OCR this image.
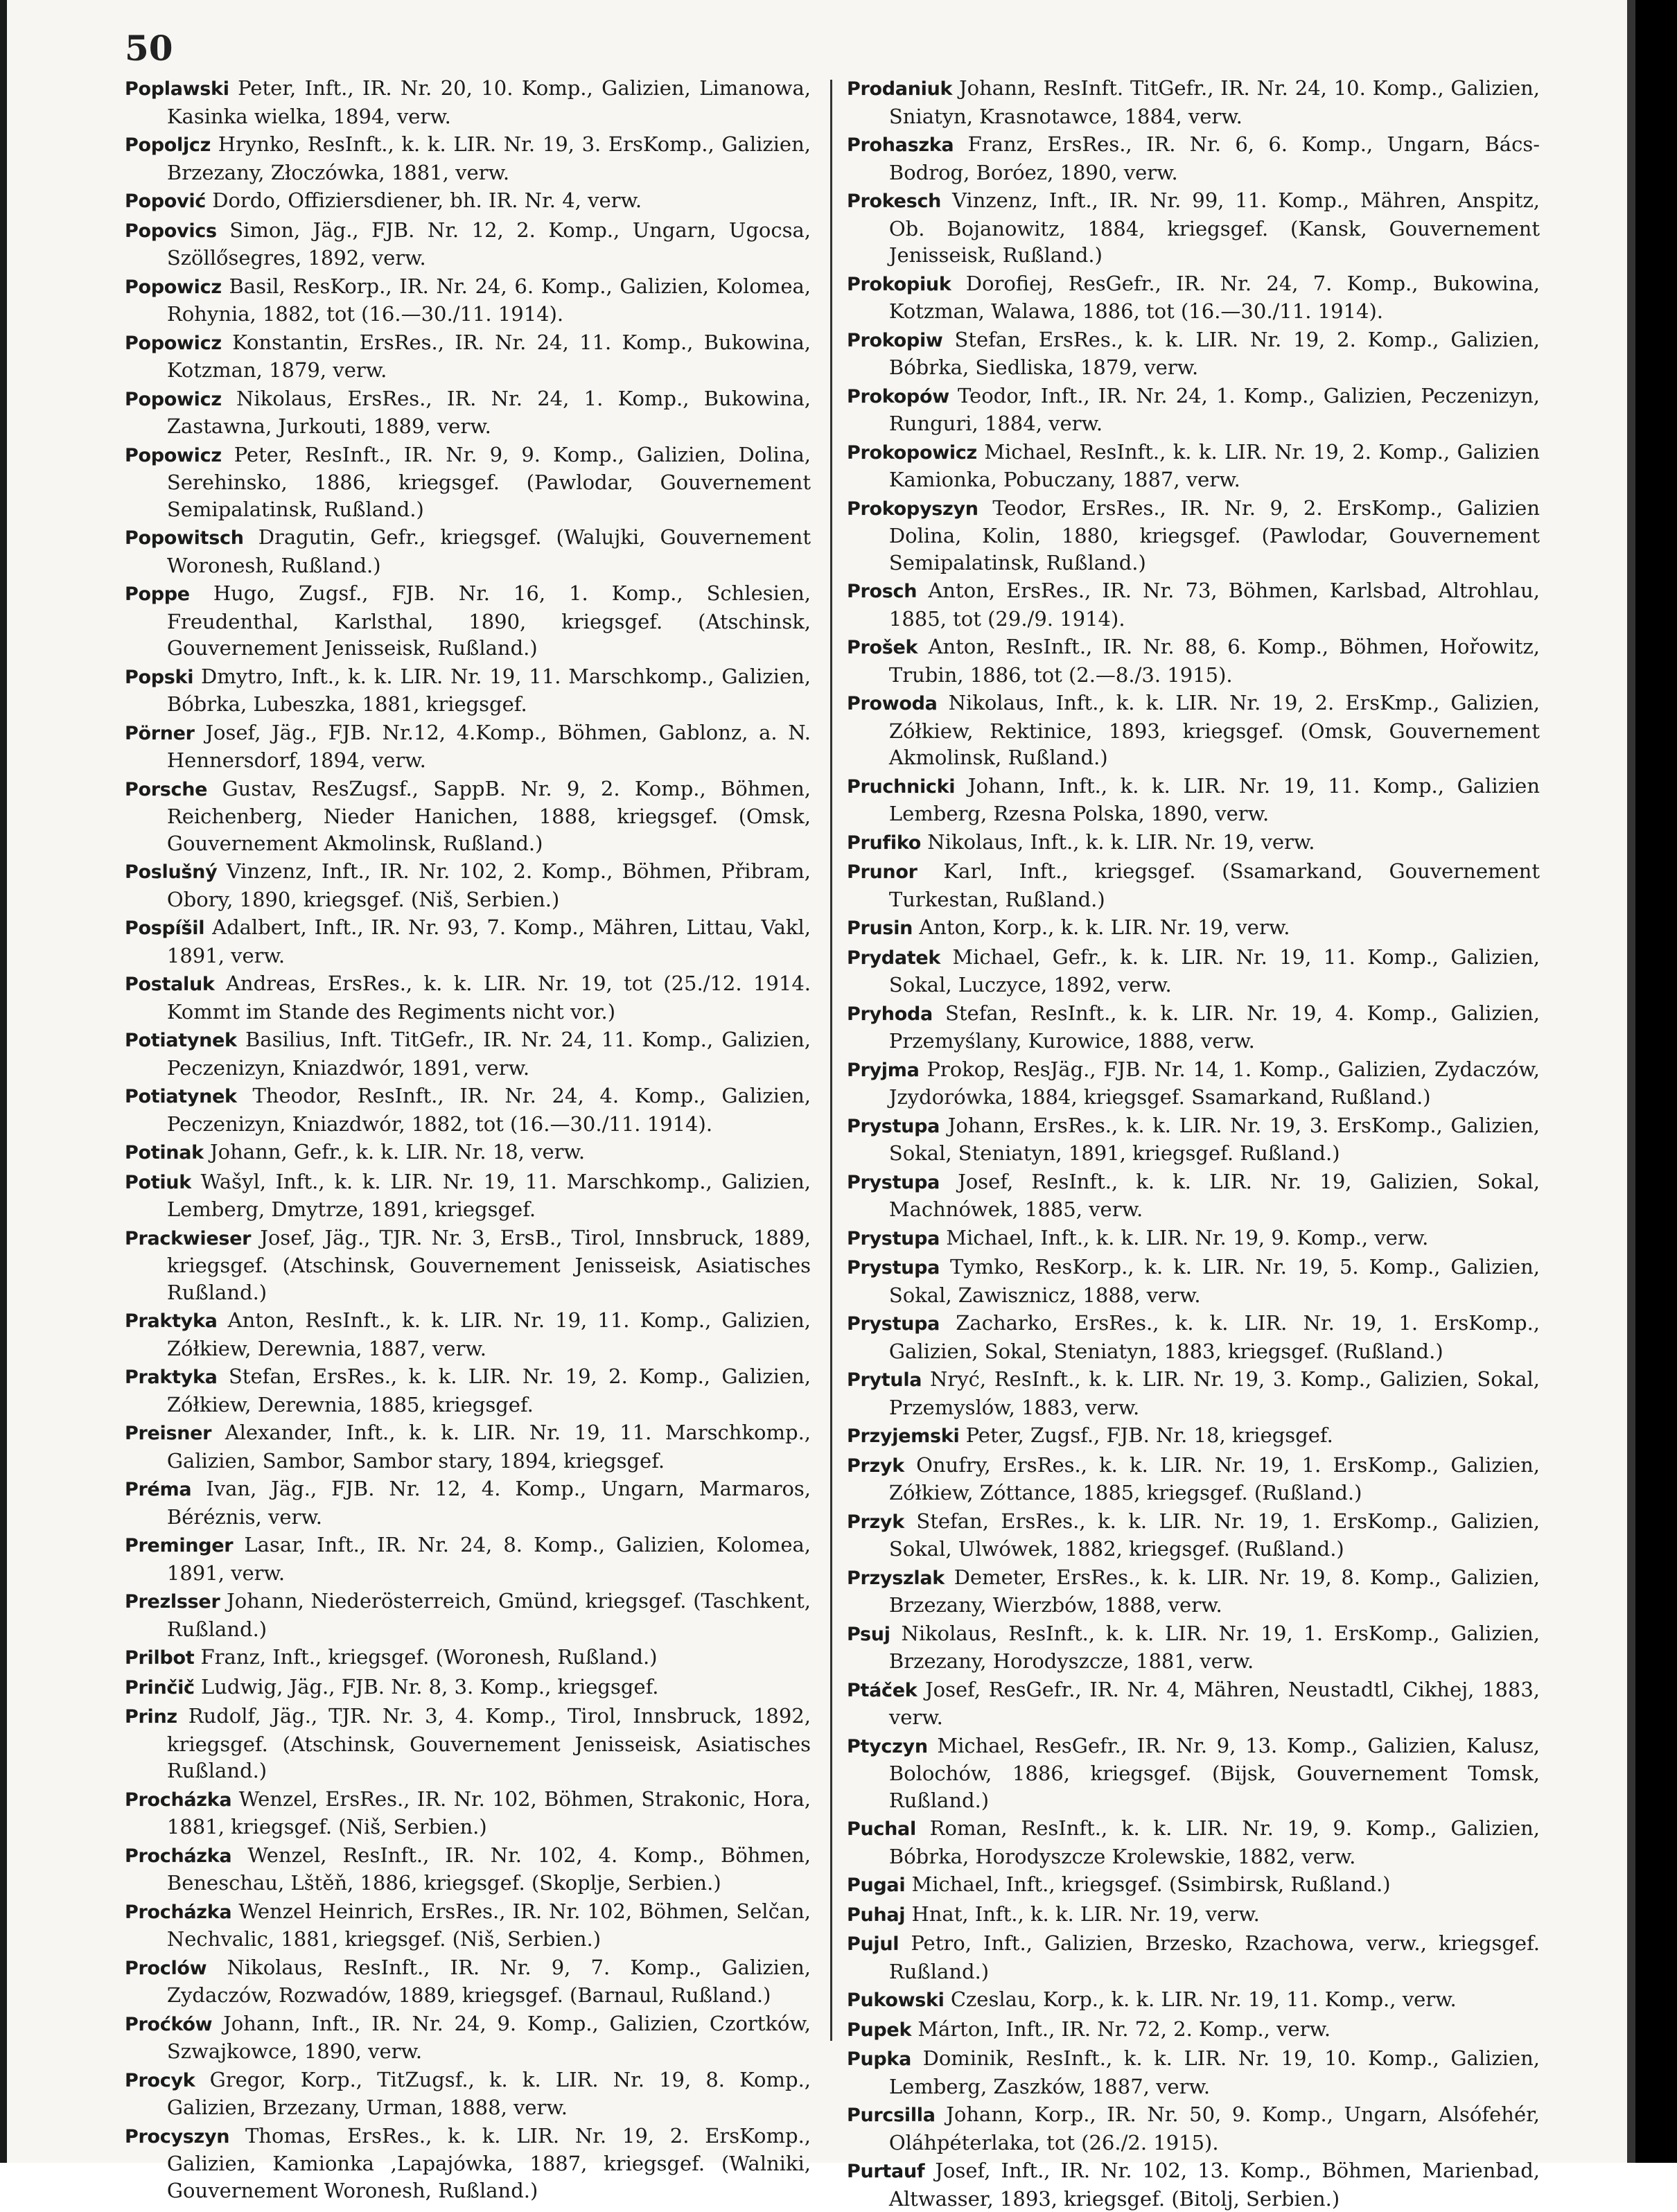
50
Poplawski Peter, Inft., IR. Nr. 20, 10. Komp., Galizien, Limanowa, Kasinka wielka, 1894, verw.
Popoljcz Hrynko, ResInft., k. k. LIR. Nr. 19, 3. ErsKomp., Galizien, Brzezany, Złoczówka, 1881, verw.
Popović Dordo, Offiziersdiener, bh. IR. Nr. 4, verw.
Popovics Simon, Jäg., FJB. Nr. 12, 2. Komp., Ungarn, Ugocsa, Szöllősegres, 1892, verw.
Popowicz Basil, ResKorp., IR. Nr. 24, 6. Komp., Galizien, Kolomea, Rohynia, 1882, tot (16.—30./11. 1914).
Popowicz Konstantin, ErsRes., IR. Nr. 24, 11. Komp., Bukowina, Kotzman, 1879, verw.
Popowicz Nikolaus, ErsRes., IR. Nr. 24, 1. Komp., Bukowina, Zastawna, Jurkouti, 1889, verw.
Popowicz Peter, ResInft., IR. Nr. 9, 9. Komp., Galizien, Dolina, Serehinsko, 1886, kriegsgef. (Pawlodar, Gouvernement Semipalatinsk, Rußland.)
Popowitsch Dragutin, Gefr., kriegsgef. (Walujki, Gouvernement Woronesh, Rußland.)
Poppe Hugo, Zugsf., FJB. Nr. 16, 1. Komp., Schlesien, Freudenthal, Karlsthal, 1890, kriegsgef. (Atschinsk, Gouvernement Jenisseisk, Rußland.)
Popski Dmytro, Inft., k. k. LIR. Nr. 19, 11. Marschkomp., Galizien, Bóbrka, Lubeszka, 1881, kriegsgef.
Pörner Josef, Jäg., FJB. Nr.12, 4.Komp., Böhmen, Gablonz, a. N. Hennersdorf, 1894, verw.
Porsche Gustav, ResZugsf., SappB. Nr. 9, 2. Komp., Böhmen, Reichenberg, Nieder Hanichen, 1888, kriegsgef. (Omsk, Gouvernement Akmolinsk, Rußland.)
Poslušný Vinzenz, Inft., IR. Nr. 102, 2. Komp., Böhmen, Přibram, Obory, 1890, kriegsgef. (Niš, Serbien.)
Pospíšil Adalbert, Inft., IR. Nr. 93, 7. Komp., Mähren, Littau, Vakl, 1891, verw.
Postaluk Andreas, ErsRes., k. k. LIR. Nr. 19, tot (25./12. 1914. Kommt im Stande des Regiments nicht vor.)
Potiatynek Basilius, Inft. TitGefr., IR. Nr. 24, 11. Komp., Galizien, Peczenizyn, Kniazdwór, 1891, verw.
Potiatynek Theodor, ResInft., IR. Nr. 24, 4. Komp., Galizien, Peczenizyn, Kniazdwór, 1882, tot (16.—30./11. 1914).
Potinak Johann, Gefr., k. k. LIR. Nr. 18, verw.
Potiuk Wašyl, Inft., k. k. LIR. Nr. 19, 11. Marschkomp., Galizien, Lemberg, Dmytrze, 1891, kriegsgef.
Prackwieser Josef, Jäg., TJR. Nr. 3, ErsB., Tirol, Innsbruck, 1889, kriegsgef. (Atschinsk, Gouvernement Jenisseisk, Asiatisches Rußland.)
Praktyka Anton, ResInft., k. k. LIR. Nr. 19, 11. Komp., Galizien, Zółkiew, Derewnia, 1887, verw.
Praktyka Stefan, ErsRes., k. k. LIR. Nr. 19, 2. Komp., Galizien, Zółkiew, Derewnia, 1885, kriegsgef.
Preisner Alexander, Inft., k. k. LIR. Nr. 19, 11. Marschkomp., Galizien, Sambor, Sambor stary, 1894, kriegsgef.
Préma Ivan, Jäg., FJB. Nr. 12, 4. Komp., Ungarn, Marmaros, Béréznis, verw.
Preminger Lasar, Inft., IR. Nr. 24, 8. Komp., Galizien, Kolomea, 1891, verw.
Prezlsser Johann, Niederösterreich, Gmünd, kriegsgef. (Taschkent, Rußland.)
Prilbot Franz, Inft., kriegsgef. (Woronesh, Rußland.)
Prinčič Ludwig, Jäg., FJB. Nr. 8, 3. Komp., kriegsgef.
Prinz Rudolf, Jäg., TJR. Nr. 3, 4. Komp., Tirol, Innsbruck, 1892, kriegsgef. (Atschinsk, Gouvernement Jenisseisk, Asiatisches Rußland.)
Procházka Wenzel, ErsRes., IR. Nr. 102, Böhmen, Strakonic, Hora, 1881, kriegsgef. (Niš, Serbien.)
Procházka Wenzel, ResInft., IR. Nr. 102, 4. Komp., Böhmen, Beneschau, Lštěň, 1886, kriegsgef. (Skoplje, Serbien.)
Procházka Wenzel Heinrich, ErsRes., IR. Nr. 102, Böhmen, Selčan, Nechvalic, 1881, kriegsgef. (Niš, Serbien.)
Proclów Nikolaus, ResInft., IR. Nr. 9, 7. Komp., Galizien, Zydaczów, Rozwadów, 1889, kriegsgef. (Barnaul, Rußland.)
Proćków Johann, Inft., IR. Nr. 24, 9. Komp., Galizien, Czortków, Szwajkowce, 1890, verw.
Procyk Gregor, Korp., TitZugsf., k. k. LIR. Nr. 19, 8. Komp., Galizien, Brzezany, Urman, 1888, verw.
Procyszyn Thomas, ErsRes., k. k. LIR. Nr. 19, 2. ErsKomp., Galizien, Kamionka ,Lapajówka, 1887, kriegsgef. (Walniki, Gouvernement Woronesh, Rußland.)
Prodaniuk Johann, ResInft. TitGefr., IR. Nr. 24, 10. Komp., Galizien, Sniatyn, Krasnotawce, 1884, verw.
Prohaszka Franz, ErsRes., IR. Nr. 6, 6. Komp., Ungarn, Bács-Bodrog, Boróez, 1890, verw.
Prokesch Vinzenz, Inft., IR. Nr. 99, 11. Komp., Mähren, Anspitz, Ob. Bojanowitz, 1884, kriegsgef. (Kansk, Gouvernement Jenisseisk, Rußland.)
Prokopiuk Dorofiej, ResGefr., IR. Nr. 24, 7. Komp., Bukowina, Kotzman, Walawa, 1886, tot (16.—30./11. 1914).
Prokopiw Stefan, ErsRes., k. k. LIR. Nr. 19, 2. Komp., Galizien, Bóbrka, Siedliska, 1879, verw.
Prokopów Teodor, Inft., IR. Nr. 24, 1. Komp., Galizien, Peczenizyn, Runguri, 1884, verw.
Prokopowicz Michael, ResInft., k. k. LIR. Nr. 19, 2. Komp., Galizien Kamionka, Pobuczany, 1887, verw.
Prokopyszyn Teodor, ErsRes., IR. Nr. 9, 2. ErsKomp., Galizien Dolina, Kolin, 1880, kriegsgef. (Pawlodar, Gouvernement Semipalatinsk, Rußland.)
Prosch Anton, ErsRes., IR. Nr. 73, Böhmen, Karlsbad, Altrohlau, 1885, tot (29./9. 1914).
Prošek Anton, ResInft., IR. Nr. 88, 6. Komp., Böhmen, Hořowitz, Trubin, 1886, tot (2.—8./3. 1915).
Prowoda Nikolaus, Inft., k. k. LIR. Nr. 19, 2. ErsKmp., Galizien, Zółkiew, Rektinice, 1893, kriegsgef. (Omsk, Gouvernement Akmolinsk, Rußland.)
Pruchnicki Johann, Inft., k. k. LIR. Nr. 19, 11. Komp., Galizien Lemberg, Rzesna Polska, 1890, verw.
Prufiko Nikolaus, Inft., k. k. LIR. Nr. 19, verw.
Prunor Karl, Inft., kriegsgef. (Ssamarkand, Gouvernement Turkestan, Rußland.)
Prusin Anton, Korp., k. k. LIR. Nr. 19, verw.
Prydatek Michael, Gefr., k. k. LIR. Nr. 19, 11. Komp., Galizien, Sokal, Luczyce, 1892, verw.
Pryhoda Stefan, ResInft., k. k. LIR. Nr. 19, 4. Komp., Galizien, Przemyślany, Kurowice, 1888, verw.
Pryjma Prokop, ResJäg., FJB. Nr. 14, 1. Komp., Galizien, Zydaczów, Jzydorówka, 1884, kriegsgef. Ssamarkand, Rußland.)
Prystupa Johann, ErsRes., k. k. LIR. Nr. 19, 3. ErsKomp., Galizien, Sokal, Steniatyn, 1891, kriegsgef. Rußland.)
Prystupa Josef, ResInft., k. k. LIR. Nr. 19, Galizien, Sokal, Machnówek, 1885, verw.
Prystupa Michael, Inft., k. k. LIR. Nr. 19, 9. Komp., verw.
Prystupa Tymko, ResKorp., k. k. LIR. Nr. 19, 5. Komp., Galizien, Sokal, Zawisznicz, 1888, verw.
Prystupa Zacharko, ErsRes., k. k. LIR. Nr. 19, 1. ErsKomp., Galizien, Sokal, Steniatyn, 1883, kriegsgef. (Rußland.)
Prytula Nryć, ResInft., k. k. LIR. Nr. 19, 3. Komp., Galizien, Sokal, Przemyslów, 1883, verw.
Przyjemski Peter, Zugsf., FJB. Nr. 18, kriegsgef.
Przyk Onufry, ErsRes., k. k. LIR. Nr. 19, 1. ErsKomp., Galizien, Zółkiew, Zóttance, 1885, kriegsgef. (Rußland.)
Przyk Stefan, ErsRes., k. k. LIR. Nr. 19, 1. ErsKomp., Galizien, Sokal, Ulwówek, 1882, kriegsgef. (Rußland.)
Przyszlak Demeter, ErsRes., k. k. LIR. Nr. 19, 8. Komp., Galizien, Brzezany, Wierzbów, 1888, verw.
Psuj Nikolaus, ResInft., k. k. LIR. Nr. 19, 1. ErsKomp., Galizien, Brzezany, Horodyszcze, 1881, verw.
Ptáček Josef, ResGefr., IR. Nr. 4, Mähren, Neustadtl, Cikhej, 1883, verw.
Ptyczyn Michael, ResGefr., IR. Nr. 9, 13. Komp., Galizien, Kalusz, Bolochów, 1886, kriegsgef. (Bijsk, Gouvernement Tomsk, Rußland.)
Puchal Roman, ResInft., k. k. LIR. Nr. 19, 9. Komp., Galizien, Bóbrka, Horodyszcze Krolewskie, 1882, verw.
Pugai Michael, Inft., kriegsgef. (Ssimbirsk, Rußland.)
Puhaj Hnat, Inft., k. k. LIR. Nr. 19, verw.
Pujul Petro, Inft., Galizien, Brzesko, Rzachowa, verw., kriegsgef. Rußland.)
Pukowski Czeslau, Korp., k. k. LIR. Nr. 19, 11. Komp., verw.
Pupek Márton, Inft., IR. Nr. 72, 2. Komp., verw.
Pupka Dominik, ResInft., k. k. LIR. Nr. 19, 10. Komp., Galizien, Lemberg, Zaszków, 1887, verw.
Purcsilla Johann, Korp., IR. Nr. 50, 9. Komp., Ungarn, Alsófehér, Oláhpéterlaka, tot (26./2. 1915).
Purtauf Josef, Inft., IR. Nr. 102, 13. Komp., Böhmen, Marienbad, Altwasser, 1893, kriegsgef. (Bitolj, Serbien.)
